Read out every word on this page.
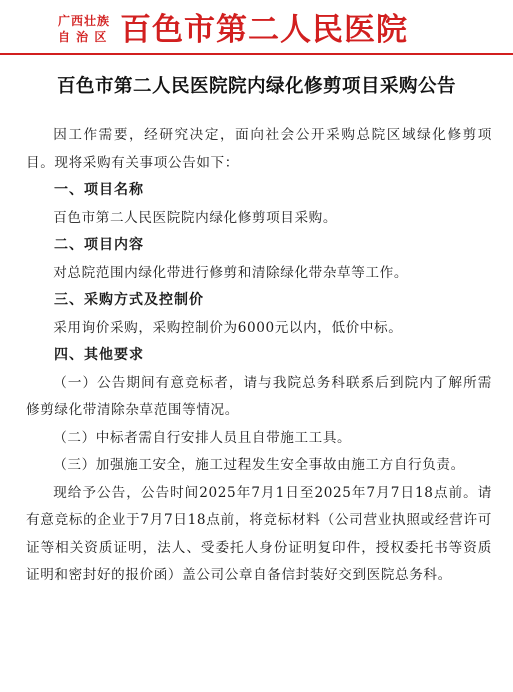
广西壮族
自 治 区 百色市第二人民医院
百色市第二人民医院院内绿化修剪项目采购公告

因工作需要，经研究决定，面向社会公开采购总院区域绿化修剪项目。现将采购有关事项公告如下：

一、项目名称

百色市第二人民医院院内绿化修剪项目采购。

二、项目内容

对总院范围内绿化带进行修剪和清除绿化带杂草等工作。

三、采购方式及控制价

采用询价采购，采购控制价为6000元以内，低价中标。

四、其他要求

（一）公告期间有意竞标者，请与我院总务科联系后到院内了解所需修剪绿化带清除杂草范围等情况。

（二）中标者需自行安排人员且自带施工工具。

（三）加强施工安全，施工过程发生安全事故由施工方自行负责。

现给予公告，公告时间2025年7月1日至2025年7月7日18点前。请有意竞标的企业于7月7日18点前，将竞标材料（公司营业执照或经营许可证等相关资质证明，法人、受委托人身份证明复印件，授权委托书等资质证明和密封好的报价函）盖公司公章自备信封装好交到医院总务科。
